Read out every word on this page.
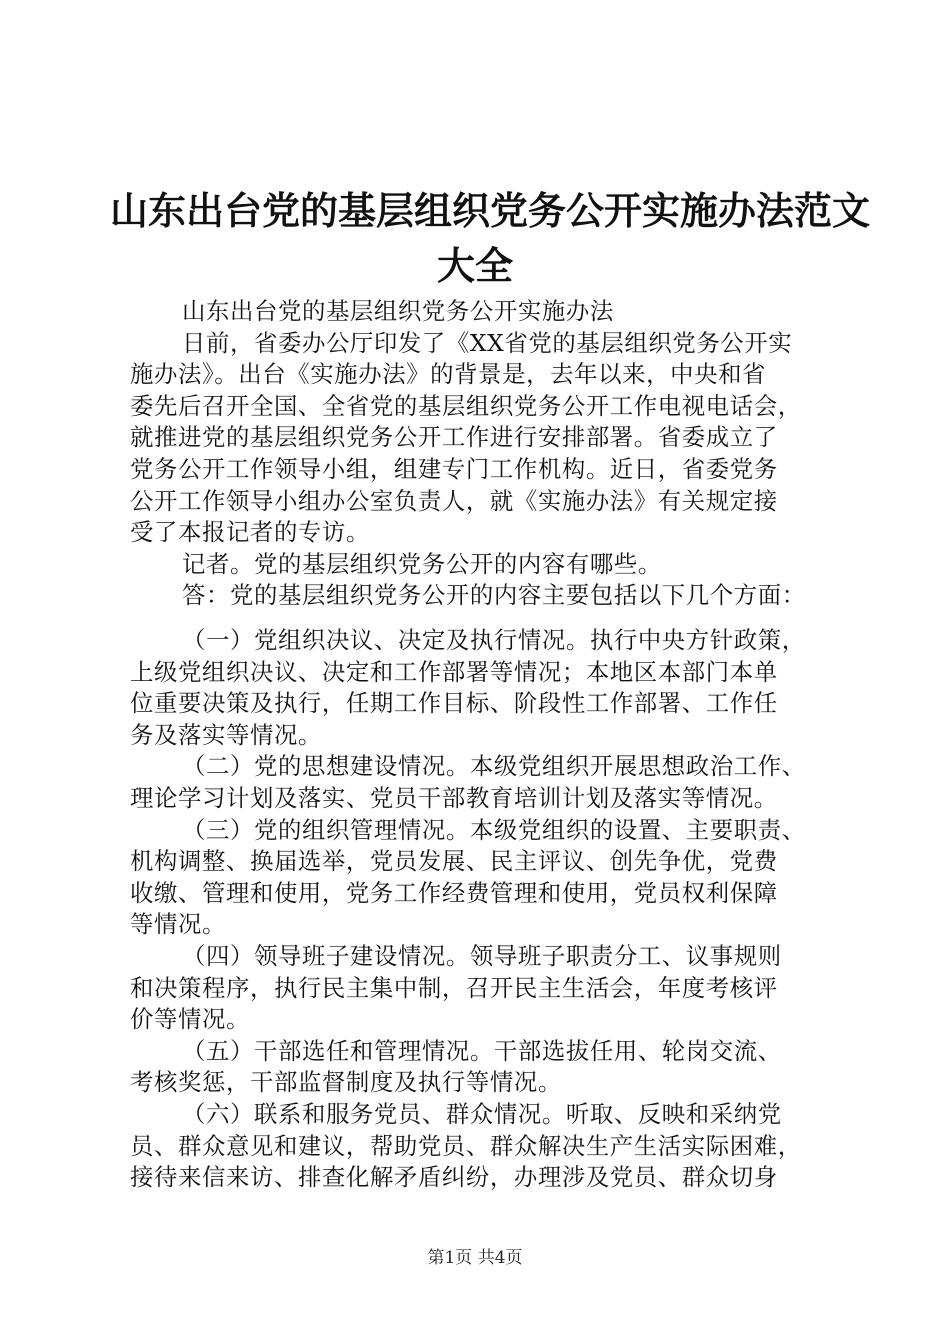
山东出台党的基层组织党务公开实施办法范文
大全
山东出台党的基层组织党务公开实施办法
日前，省委办公厅印发了《XX省党的基层组织党务公开实
施办法》。出台《实施办法》的背景是，去年以来，中央和省
委先后召开全国、全省党的基层组织党务公开工作电视电话会，
就推进党的基层组织党务公开工作进行安排部署。省委成立了
党务公开工作领导小组，组建专门工作机构。近日，省委党务
公开工作领导小组办公室负责人，就《实施办法》有关规定接
受了本报记者的专访。
记者。党的基层组织党务公开的内容有哪些。
答：党的基层组织党务公开的内容主要包括以下几个方面：
（一）党组织决议、决定及执行情况。执行中央方针政策，
上级党组织决议、决定和工作部署等情况；本地区本部门本单
位重要决策及执行，任期工作目标、阶段性工作部署、工作任
务及落实等情况。
（二）党的思想建设情况。本级党组织开展思想政治工作、
理论学习计划及落实、党员干部教育培训计划及落实等情况。
（三）党的组织管理情况。本级党组织的设置、主要职责、
机构调整、换届选举，党员发展、民主评议、创先争优，党费
收缴、管理和使用，党务工作经费管理和使用，党员权利保障
等情况。
（四）领导班子建设情况。领导班子职责分工、议事规则
和决策程序，执行民主集中制，召开民主生活会，年度考核评
价等情况。
（五）干部选任和管理情况。干部选拔任用、轮岗交流、
考核奖惩，干部监督制度及执行等情况。
（六）联系和服务党员、群众情况。听取、反映和采纳党
员、群众意见和建议，帮助党员、群众解决生产生活实际困难，
接待来信来访、排查化解矛盾纠纷，办理涉及党员、群众切身
第1页 共4页
